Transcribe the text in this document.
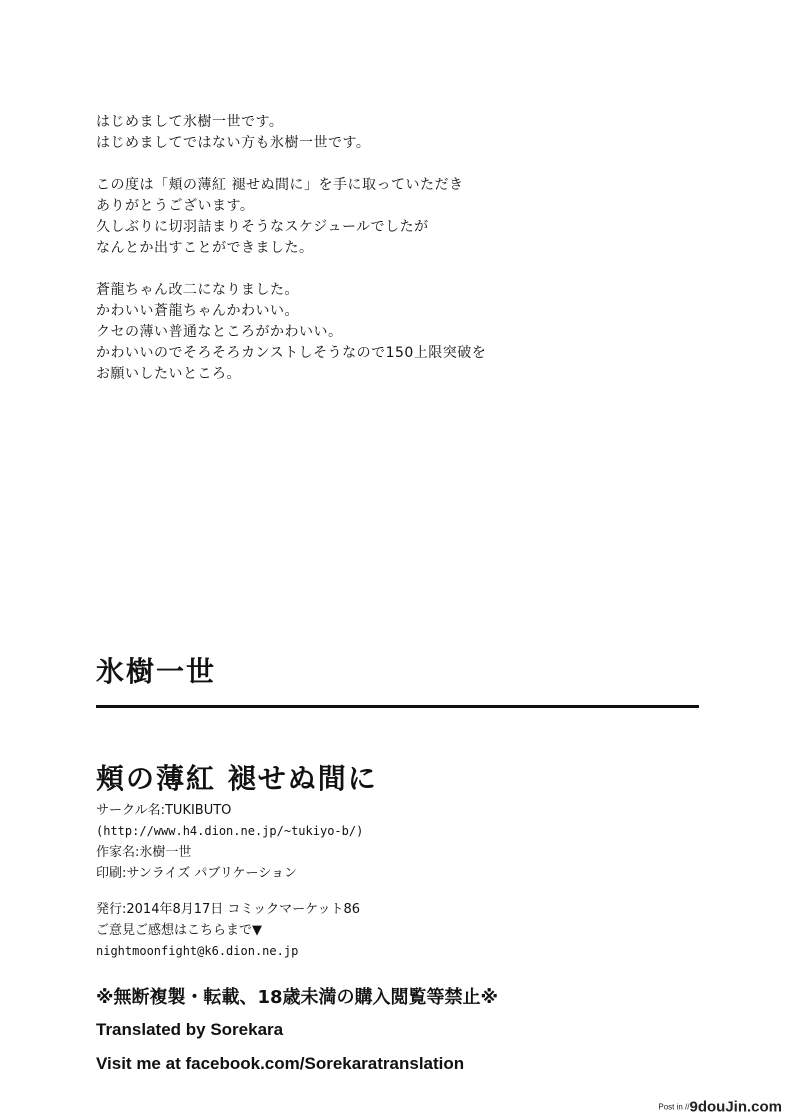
はじめまして氷樹一世です。
はじめましてではない方も氷樹一世です。

この度は「頬の薄紅 褪せぬ間に」を手に取っていただき
ありがとうございます。
久しぶりに切羽詰まりそうなスケジュールでしたが
なんとか出すことができました。

蒼龍ちゃん改二になりました。
かわいい蒼龍ちゃんかわいい。
クセの薄い普通なところがかわいい。
かわいいのでそろそろカンストしそうなので150上限突破を
お願いしたいところ。

氷樹一世
頬の薄紅 褪せぬ間に
サークル名:TUKIBUTO
(http://www.h4.dion.ne.jp/~tukiyo-b/)
作家名:氷樹一世
印刷:サンライズ パブリケーション
発行:2014年8月17日 コミックマーケット86
ご意見ご感想はこちらまで▼
nightmoonfight@k6.dion.ne.jp

※無断複製・転載、18歳未満の購入閲覧等禁止※

Translated by Sorekara

Visit me at facebook.com/Sorekaratranslation

Post in //9douJin.com
